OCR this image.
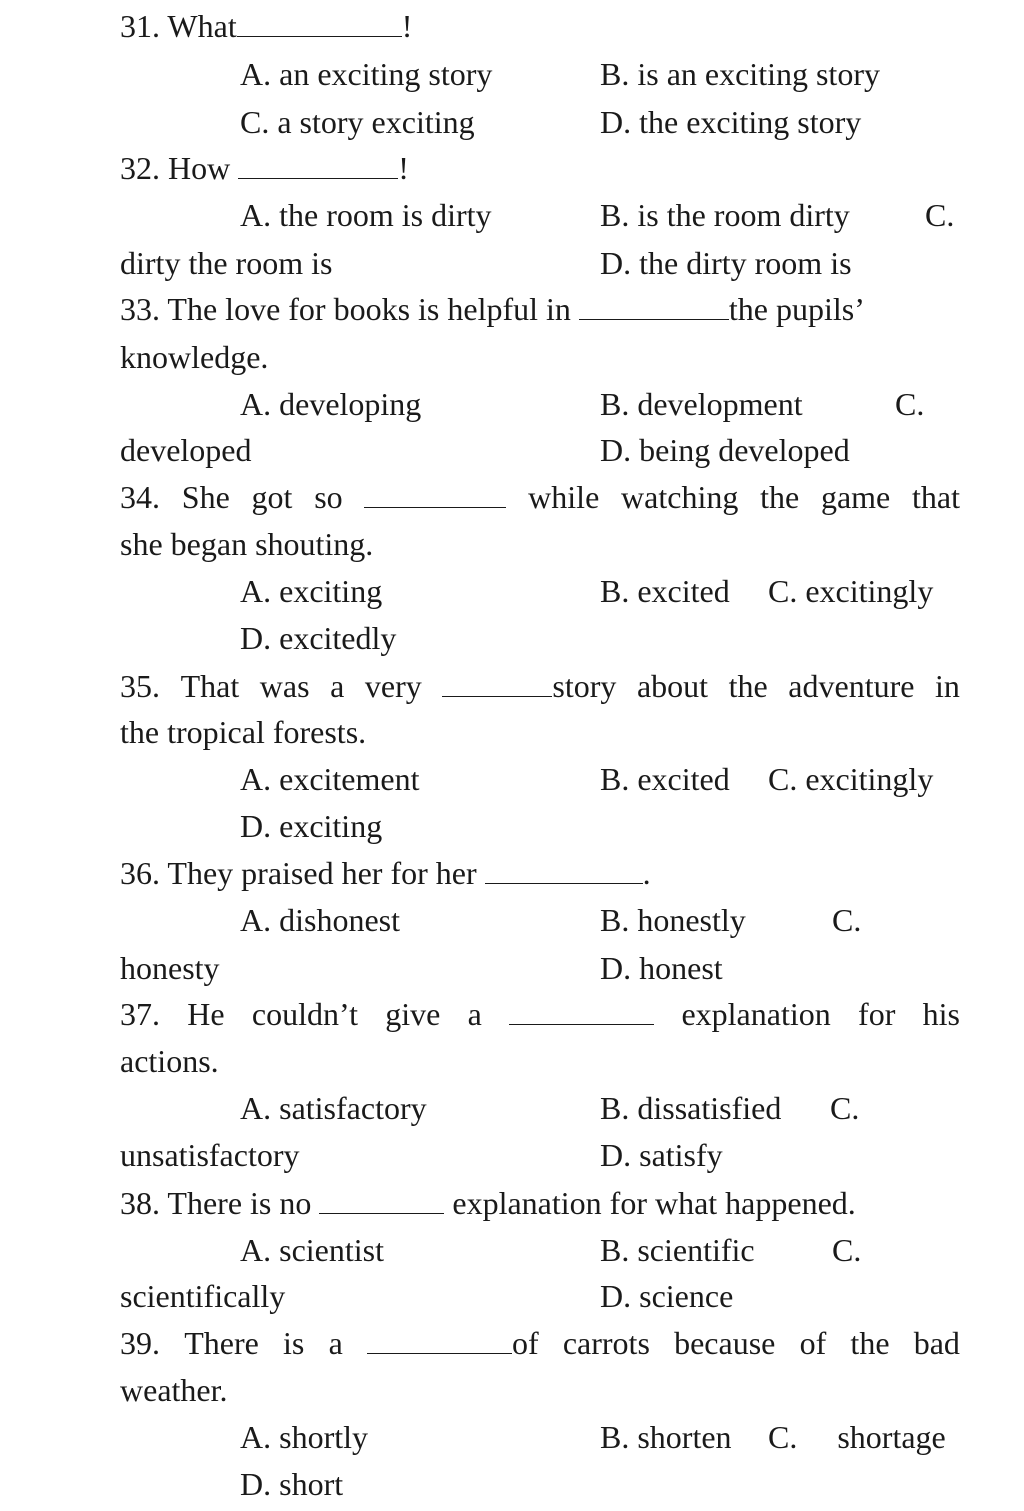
31. What	!
A. an exciting story	B. is an exciting story
C. a story exciting	D. the exciting story
32. How	!
A. the room is dirty	B. is the room dirty C.
dirty the room is	D. the dirty room is
33. The love for books is helpful in	the pupils’
knowledge.
A. developing	B. development	C.
developed	D. being developed
34. She got so	while watching the game that
she began shouting.
A. exciting	B. excited C. excitingly
D. excitedly
35. That was a very	story about the adventure in
the tropical forests.
A. excitement	B. excited C. excitingly
D. exciting
36. They praised her for her	.
A. dishonest	B. honestly	C.
honesty	D. honest
37. He couldn’t give a	explanation for his
actions.
A. satisfactory	B. dissatisfied C.
unsatisfactory	D. satisfy
38. There is no	explanation for what happened.
A. scientist	B. scientific C.
scientifically	D. science
39. There is a	of carrots because of the bad
weather.
A. shortly	B. shorten C. shortage
D. short
